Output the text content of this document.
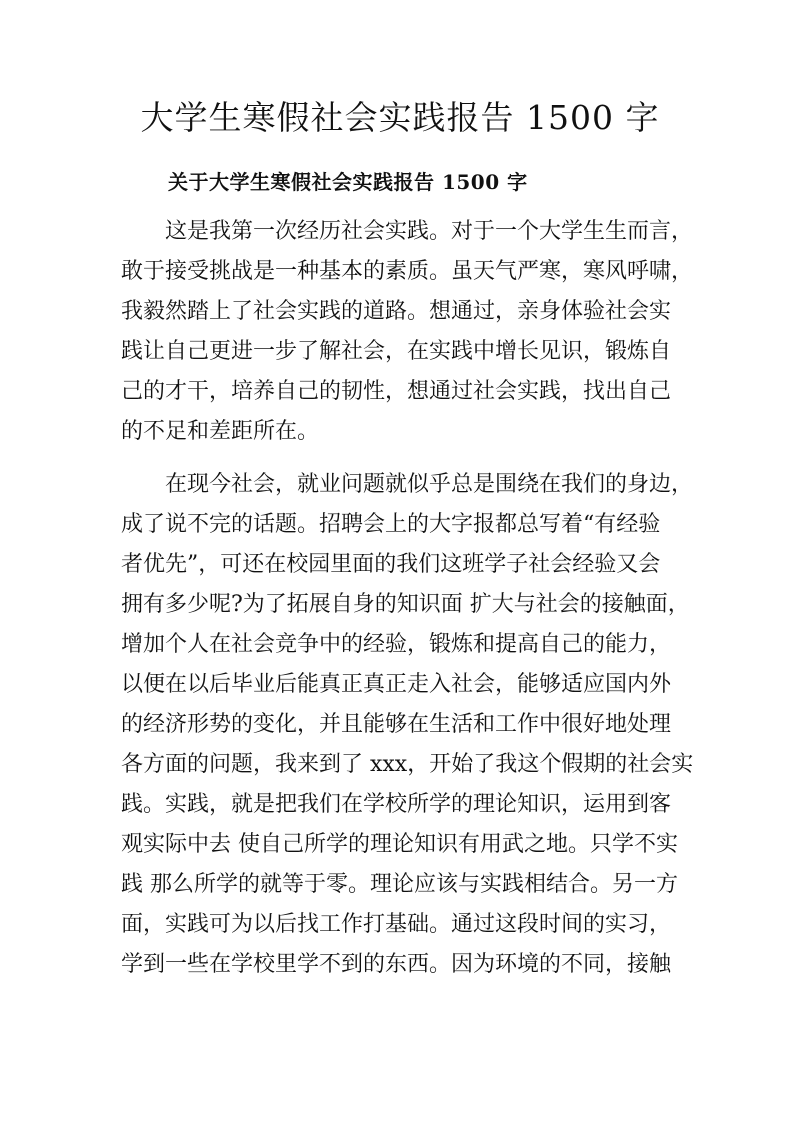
大学生寒假社会实践报告 1500 字
关于大学生寒假社会实践报告 1500 字
这是我第一次经历社会实践。对于一个大学生生而言，
敢于接受挑战是一种基本的素质。虽天气严寒，寒风呼啸，
我毅然踏上了社会实践的道路。想通过，亲身体验社会实
践让自己更进一步了解社会，在实践中增长见识，锻炼自
己的才干，培养自己的韧性，想通过社会实践，找出自己
的不足和差距所在。
在现今社会，就业问题就似乎总是围绕在我们的身边，
成了说不完的话题。招聘会上的大字报都总写着“有经验
者优先”，可还在校园里面的我们这班学子社会经验又会
拥有多少呢?为了拓展自身的知识面 扩大与社会的接触面，
增加个人在社会竞争中的经验，锻炼和提高自己的能力，
以便在以后毕业后能真正真正走入社会，能够适应国内外
的经济形势的变化，并且能够在生活和工作中很好地处理
各方面的问题，我来到了 xxx，开始了我这个假期的社会实
践。实践，就是把我们在学校所学的理论知识，运用到客
观实际中去 使自己所学的理论知识有用武之地。只学不实
践 那么所学的就等于零。理论应该与实践相结合。另一方
面，实践可为以后找工作打基础。通过这段时间的实习，
学到一些在学校里学不到的东西。因为环境的不同，接触
